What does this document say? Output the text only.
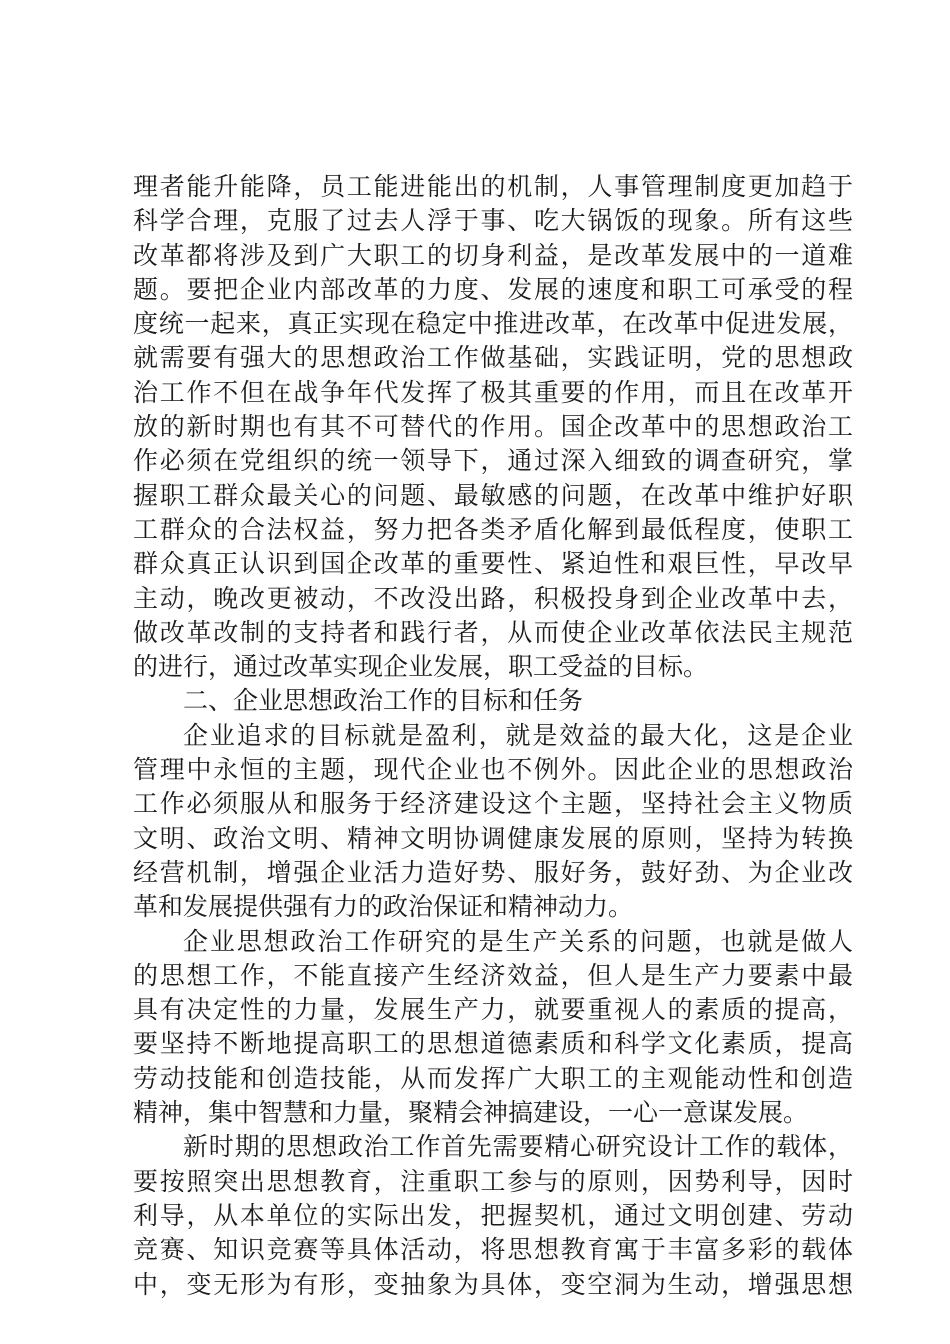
理者能升能降，员工能进能出的机制，人事管理制度更加趋于
科学合理，克服了过去人浮于事、吃大锅饭的现象。所有这些
改革都将涉及到广大职工的切身利益，是改革发展中的一道难
题。要把企业内部改革的力度、发展的速度和职工可承受的程
度统一起来，真正实现在稳定中推进改革，在改革中促进发展，
就需要有强大的思想政治工作做基础，实践证明，党的思想政
治工作不但在战争年代发挥了极其重要的作用，而且在改革开
放的新时期也有其不可替代的作用。国企改革中的思想政治工
作必须在党组织的统一领导下，通过深入细致的调查研究，掌
握职工群众最关心的问题、最敏感的问题，在改革中维护好职
工群众的合法权益，努力把各类矛盾化解到最低程度，使职工
群众真正认识到国企改革的重要性、紧迫性和艰巨性，早改早
主动，晚改更被动，不改没出路，积极投身到企业改革中去，
做改革改制的支持者和践行者，从而使企业改革依法民主规范
的进行，通过改革实现企业发展，职工受益的目标。
二、企业思想政治工作的目标和任务
企业追求的目标就是盈利，就是效益的最大化，这是企业
管理中永恒的主题，现代企业也不例外。因此企业的思想政治
工作必须服从和服务于经济建设这个主题，坚持社会主义物质
文明、政治文明、精神文明协调健康发展的原则，坚持为转换
经营机制，增强企业活力造好势、服好务，鼓好劲、为企业改
革和发展提供强有力的政治保证和精神动力。
企业思想政治工作研究的是生产关系的问题，也就是做人
的思想工作，不能直接产生经济效益，但人是生产力要素中最
具有决定性的力量，发展生产力，就要重视人的素质的提高，
要坚持不断地提高职工的思想道德素质和科学文化素质，提高
劳动技能和创造技能，从而发挥广大职工的主观能动性和创造
精神，集中智慧和力量，聚精会神搞建设，一心一意谋发展。
新时期的思想政治工作首先需要精心研究设计工作的载体，
要按照突出思想教育，注重职工参与的原则，因势利导，因时
利导，从本单位的实际出发，把握契机，通过文明创建、劳动
竞赛、知识竞赛等具体活动，将思想教育寓于丰富多彩的载体
中，变无形为有形，变抽象为具体，变空洞为生动，增强思想
